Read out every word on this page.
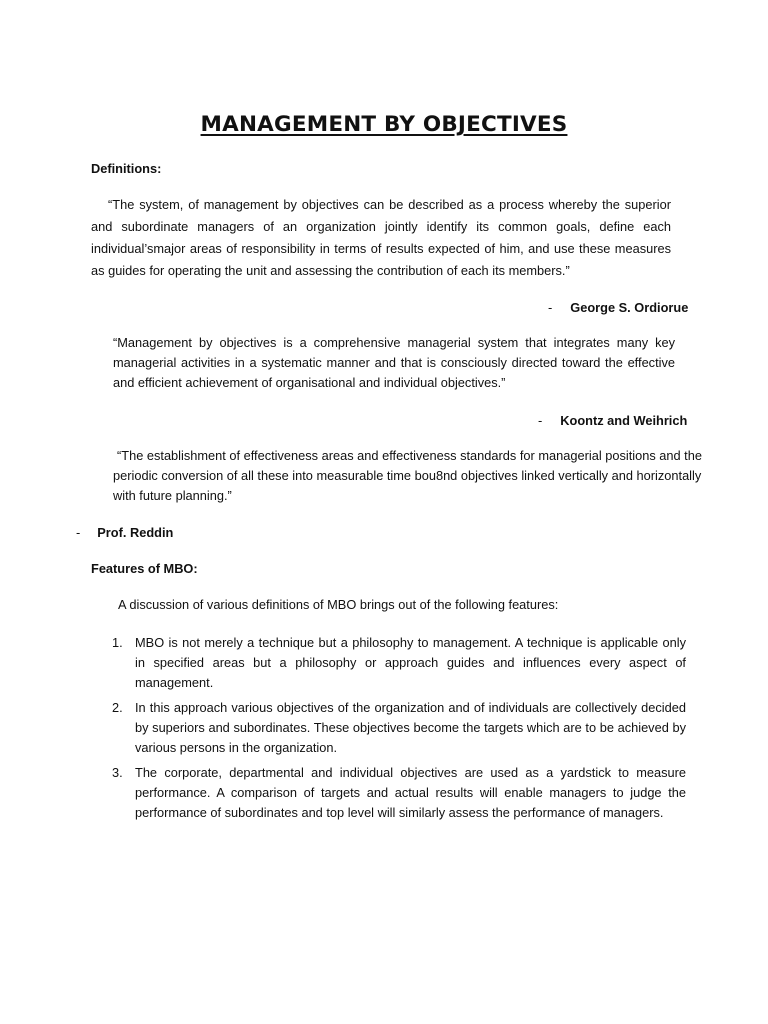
MANAGEMENT BY OBJECTIVES

Definitions:

“The system, of management by objectives can be described as a process whereby the superior and subordinate managers of an organization jointly identify its common goals, define each individual’smajor areas of responsibility in terms of results expected of him, and use these measures as guides for operating the unit and assessing the contribution of each its members.”

- George S. Ordiorue

“Management by objectives is a comprehensive managerial system that integrates many key managerial activities in a systematic manner and that is consciously directed toward the effective and efficient achievement of organisational and individual objectives.”

- Koontz and Weihrich

“The establishment of effectiveness areas and effectiveness standards for managerial positions and the periodic conversion of all these into measurable time bou8nd objectives linked vertically and horizontally with future planning.”

- Prof. Reddin

Features of MBO:

A discussion of various definitions of MBO brings out of the following features:

1. MBO is not merely a technique but a philosophy to management. A technique is applicable only in specified areas but a philosophy or approach guides and influences every aspect of management.
2. In this approach various objectives of the organization and of individuals are collectively decided by superiors and subordinates. These objectives become the targets which are to be achieved by various persons in the organization.
3. The corporate, departmental and individual objectives are used as a yardstick to measure performance. A comparison of targets and actual results will enable managers to judge the performance of subordinates and top level will similarly assess the performance of managers.
